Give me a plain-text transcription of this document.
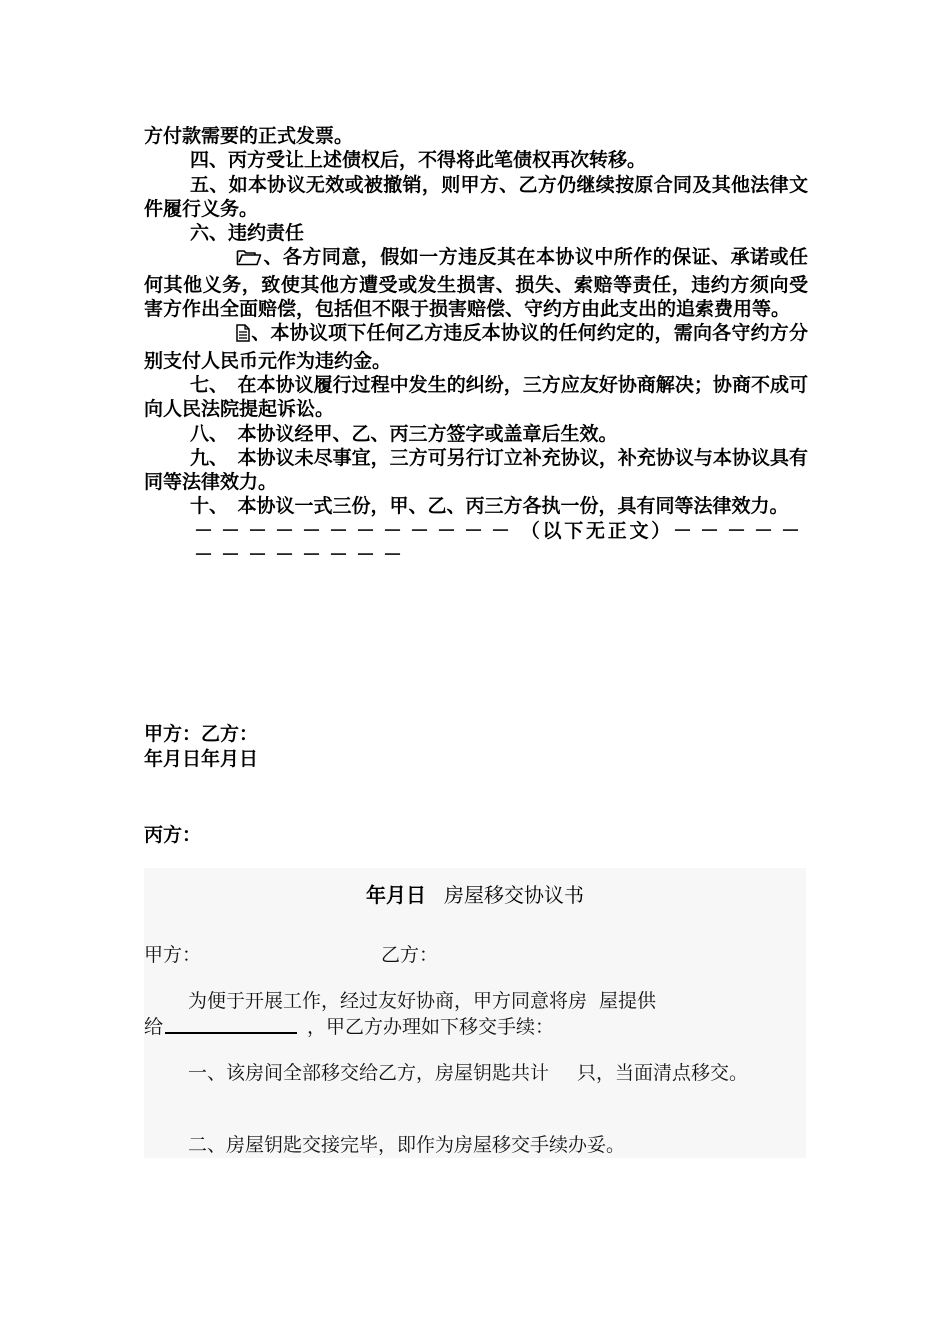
方付款需要的正式发票。

四、丙方受让上述债权后，不得将此笔债权再次转移。

五、如本协议无效或被撤销，则甲方、乙方仍继续按原合同及其他法律文件履行义务。

六、违约责任

、各方同意，假如一方违反其在本协议中所作的保证、承诺或任何其他义务，致使其他方遭受或发生损害、损失、索赔等责任，违约方须向受害方作出全面赔偿，包括但不限于损害赔偿、守约方由此支出的追索费用等。

、本协议项下任何乙方违反本协议的任何约定的，需向各守约方分别支付人民币元作为违约金。

七、　在本协议履行过程中发生的纠纷，三方应友好协商解决；协商不成可向人民法院提起诉讼。

八、　本协议经甲、乙、丙三方签字或盖章后生效。

九、　本协议未尽事宜，三方可另行订立补充协议，补充协议与本协议具有同等法律效力。

十、　本协议一式三份，甲、乙、丙三方各执一份，具有同等法律效力。

－－－－－－－－－－－－（以下无正文）－－－－－－－－－－－－－

甲方：乙方：
年月日年月日
丙方：
年月日 房屋移交协议书
甲方：	乙方：
为便于开展工作，经过友好协商，甲方同意将房 屋提供
给	，甲乙方办理如下移交手续：
一、该房间全部移交给乙方，房屋钥匙共计 只，当面清点移交。
二、房屋钥匙交接完毕，即作为房屋移交手续办妥。
